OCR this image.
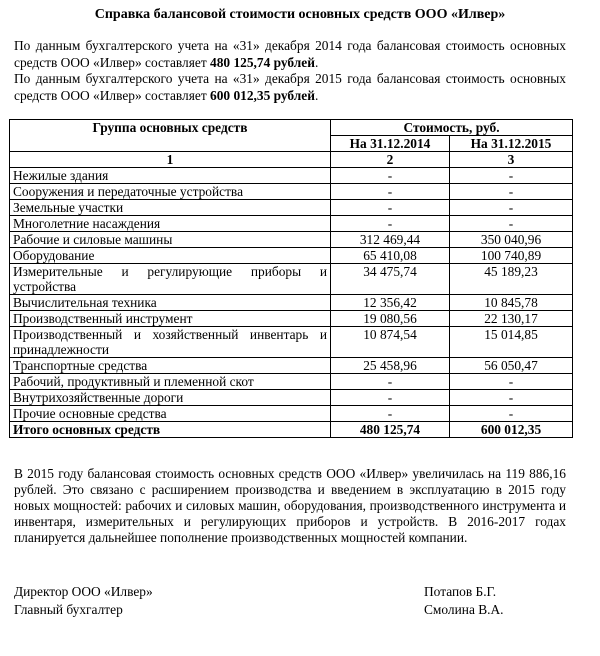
Справка балансовой стоимости основных средств ООО «Илвер»

По данным бухгалтерского учета на «31» декабря 2014 года балансовая стоимость основных средств ООО «Илвер» составляет 480 125,74 рублей.

По данным бухгалтерского учета на «31» декабря 2015 года балансовая стоимость основных средств ООО «Илвер» составляет 600 012,35 рублей.

Группа основных средств	Стоимость, руб.	
	На 31.12.2014	На 31.12.2015
1	2	3
Нежилые здания	-	-
Сооружения и передаточные устройства	-	-
Земельные участки	-	-
Многолетние насаждения	-	-
Рабочие и силовые машины	312 469,44	350 040,96
Оборудование	65 410,08	100 740,89
Измерительные и регулирующие приборы и устройства	34 475,74	45 189,23
Вычислительная техника	12 356,42	10 845,78
Производственный инструмент	19 080,56	22 130,17
Производственный и хозяйственный инвентарь и принадлежности	10 874,54	15 014,85
Транспортные средства	25 458,96	56 050,47
Рабочий, продуктивный и племенной скот	-	-
Внутрихозяйственные дороги	-	-
Прочие основные средства	-	-
Итого основных средств	480 125,74	600 012,35
В 2015 году балансовая стоимость основных средств ООО «Илвер» увеличилась на 119 886,16 рублей. Это связано с расширением производства и введением в эксплуатацию в 2015 году новых мощностей: рабочих и силовых машин, оборудования, производственного инструмента и инвентаря, измерительных и регулирующих приборов и устройств. В 2016-2017 годах планируется дальнейшее пополнение производственных мощностей компании.
Директор ООО «Илвер»	Потапов Б.Г.
Главный бухгалтер	Смолина В.А.
